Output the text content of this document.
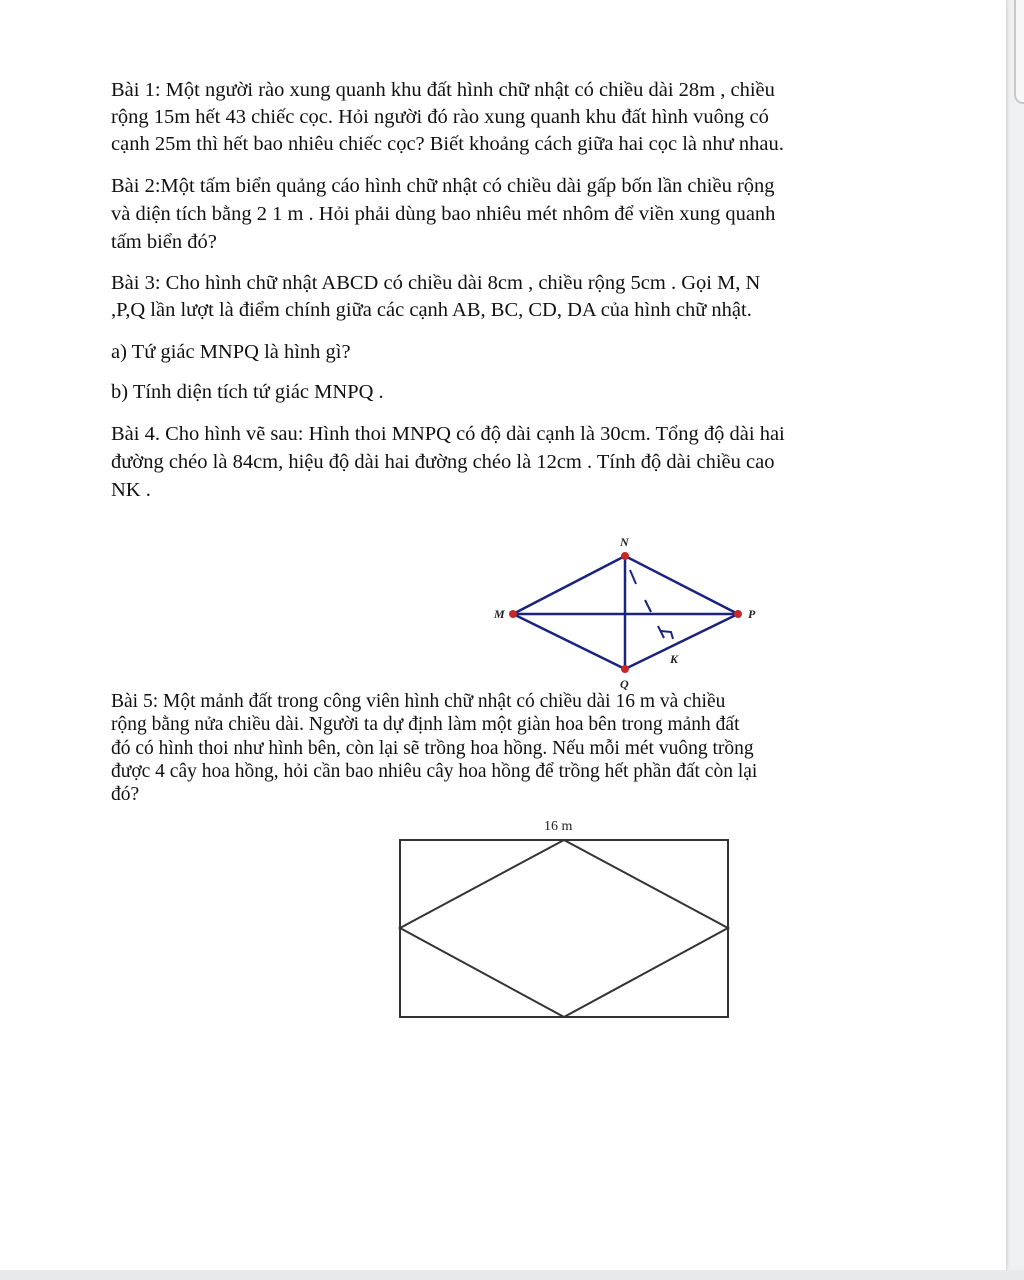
Bài 1: Một người rào xung quanh khu đất hình chữ nhật có chiều dài 28m , chiều
rộng 15m hết 43 chiếc cọc. Hỏi người đó rào xung quanh khu đất hình vuông có
cạnh 25m thì hết bao nhiêu chiếc cọc? Biết khoảng cách giữa hai cọc là như nhau.
Bài 2:Một tấm biển quảng cáo hình chữ nhật có chiều dài gấp bốn lần chiều rộng
và diện tích bằng 2 1 m . Hỏi phải dùng bao nhiêu mét nhôm để viền xung quanh
tấm biển đó?
Bài 3: Cho hình chữ nhật ABCD có chiều dài 8cm , chiều rộng 5cm . Gọi M, N
,P,Q lần lượt là điểm chính giữa các cạnh AB, BC, CD, DA của hình chữ nhật.
a) Tứ giác MNPQ là hình gì?
b) Tính diện tích tứ giác MNPQ .
Bài 4. Cho hình vẽ sau: Hình thoi MNPQ có độ dài cạnh là 30cm. Tổng độ dài hai
đường chéo là 84cm, hiệu độ dài hai đường chéo là 12cm . Tính độ dài chiều cao
NK .
N
M	P
K
Q
Bài 5: Một mảnh đất trong công viên hình chữ nhật có chiều dài 16 m và chiều
rộng bằng nửa chiều dài. Người ta dự định làm một giàn hoa bên trong mảnh đất
đó có hình thoi như hình bên, còn lại sẽ trồng hoa hồng. Nếu mỗi mét vuông trồng
được 4 cây hoa hồng, hỏi cần bao nhiêu cây hoa hồng để trồng hết phần đất còn lại
đó?
16 m
